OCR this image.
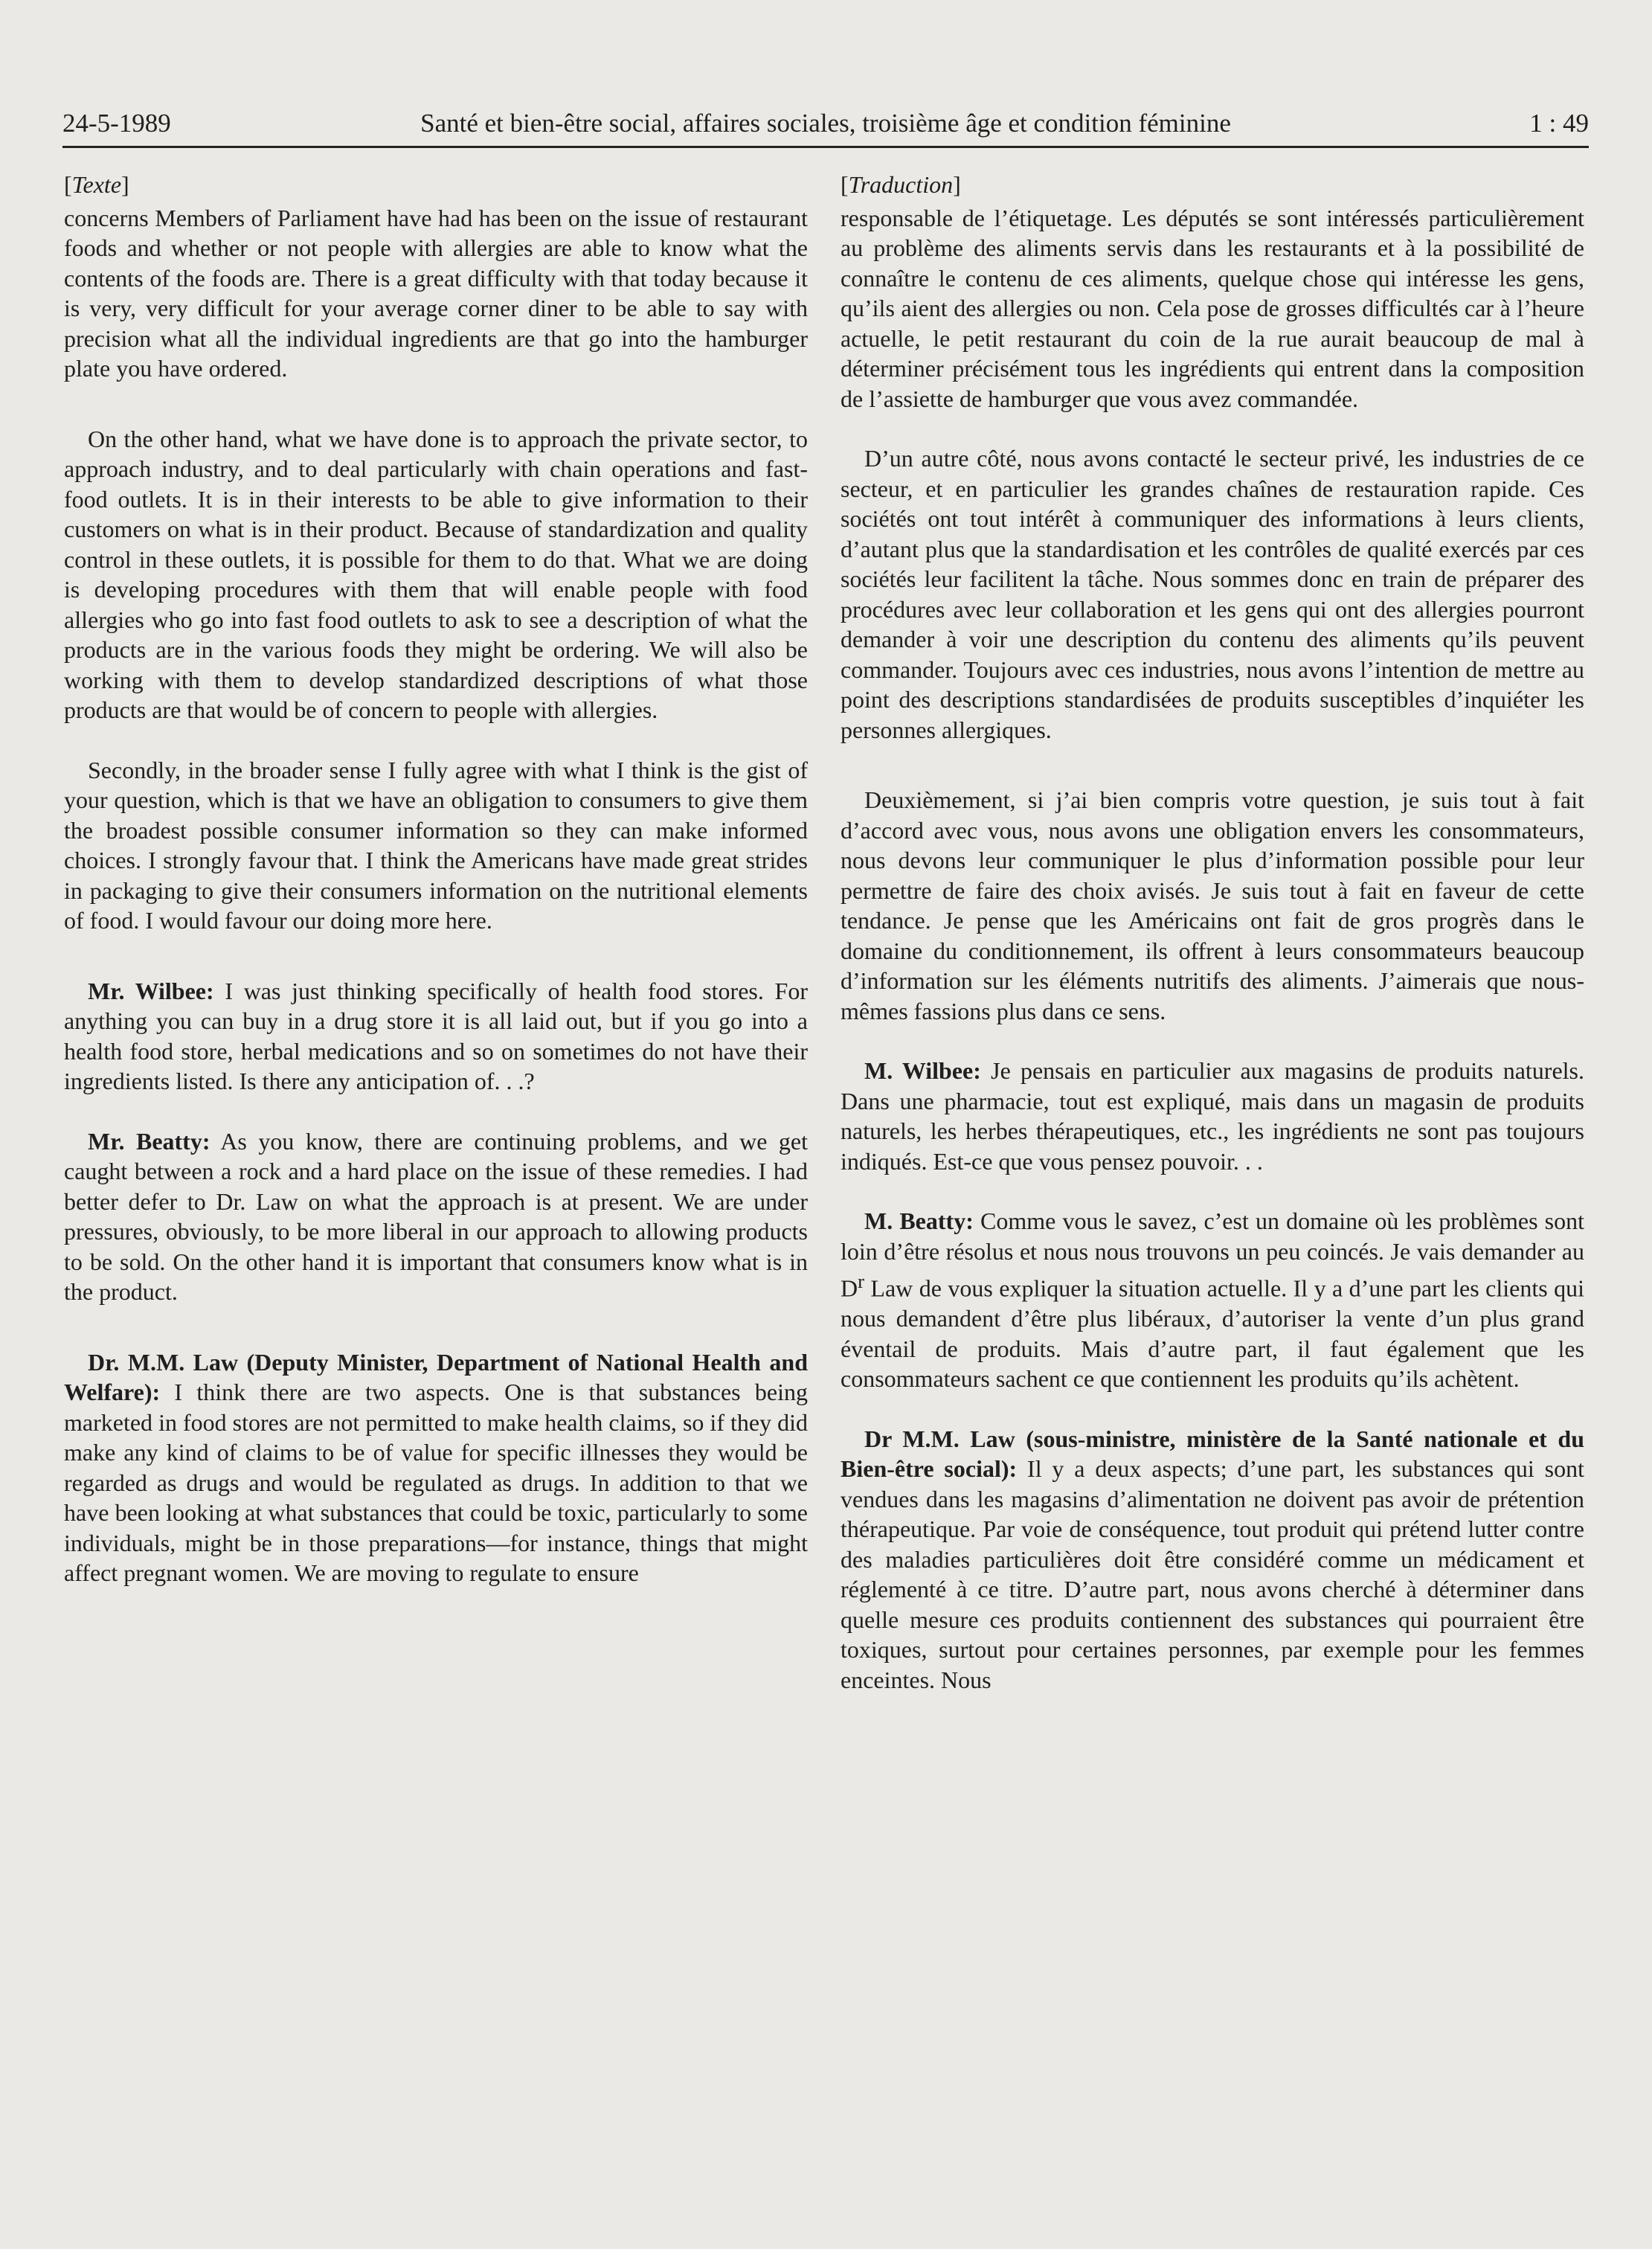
24-5-1989	Santé et bien-être social, affaires sociales, troisième âge et condition féminine	1 : 49
[Texte]

concerns Members of Parliament have had has been on the issue of restaurant foods and whether or not people with allergies are able to know what the contents of the foods are. There is a great difficulty with that today because it is very, very difficult for your average corner diner to be able to say with precision what all the individual ingredients are that go into the hamburger plate you have ordered.

On the other hand, what we have done is to approach the private sector, to approach industry, and to deal particularly with chain operations and fast-food outlets. It is in their interests to be able to give information to their customers on what is in their product. Because of standardization and quality control in these outlets, it is possible for them to do that. What we are doing is developing procedures with them that will enable people with food allergies who go into fast food outlets to ask to see a description of what the products are in the various foods they might be ordering. We will also be working with them to develop standardized descriptions of what those products are that would be of concern to people with allergies.

Secondly, in the broader sense I fully agree with what I think is the gist of your question, which is that we have an obligation to consumers to give them the broadest possible consumer information so they can make informed choices. I strongly favour that. I think the Americans have made great strides in packaging to give their consumers information on the nutritional elements of food. I would favour our doing more here.

Mr. Wilbee: I was just thinking specifically of health food stores. For anything you can buy in a drug store it is all laid out, but if you go into a health food store, herbal medications and so on sometimes do not have their ingredients listed. Is there any anticipation of. . .?

Mr. Beatty: As you know, there are continuing problems, and we get caught between a rock and a hard place on the issue of these remedies. I had better defer to Dr. Law on what the approach is at present. We are under pressures, obviously, to be more liberal in our approach to allowing products to be sold. On the other hand it is important that consumers know what is in the product.

Dr. M.M. Law (Deputy Minister, Department of National Health and Welfare): I think there are two aspects. One is that substances being marketed in food stores are not permitted to make health claims, so if they did make any kind of claims to be of value for specific illnesses they would be regarded as drugs and would be regulated as drugs. In addition to that we have been looking at what substances that could be toxic, particularly to some individuals, might be in those preparations—for instance, things that might affect pregnant women. We are moving to regulate to ensure

[Traduction]

responsable de l’étiquetage. Les députés se sont intéressés particulièrement au problème des aliments servis dans les restaurants et à la possibilité de connaître le contenu de ces aliments, quelque chose qui intéresse les gens, qu’ils aient des allergies ou non. Cela pose de grosses difficultés car à l’heure actuelle, le petit restaurant du coin de la rue aurait beaucoup de mal à déterminer précisément tous les ingrédients qui entrent dans la composition de l’assiette de hamburger que vous avez commandée.

D’un autre côté, nous avons contacté le secteur privé, les industries de ce secteur, et en particulier les grandes chaînes de restauration rapide. Ces sociétés ont tout intérêt à communiquer des informations à leurs clients, d’autant plus que la standardisation et les contrôles de qualité exercés par ces sociétés leur facilitent la tâche. Nous sommes donc en train de préparer des procédures avec leur collaboration et les gens qui ont des allergies pourront demander à voir une description du contenu des aliments qu’ils peuvent commander. Toujours avec ces industries, nous avons l’intention de mettre au point des descriptions standardisées de produits susceptibles d’inquiéter les personnes allergiques.

Deuxièmement, si j’ai bien compris votre question, je suis tout à fait d’accord avec vous, nous avons une obligation envers les consommateurs, nous devons leur communiquer le plus d’information possible pour leur permettre de faire des choix avisés. Je suis tout à fait en faveur de cette tendance. Je pense que les Américains ont fait de gros progrès dans le domaine du conditionnement, ils offrent à leurs consommateurs beaucoup d’information sur les éléments nutritifs des aliments. J’aimerais que nous-mêmes fassions plus dans ce sens.

M. Wilbee: Je pensais en particulier aux magasins de produits naturels. Dans une pharmacie, tout est expliqué, mais dans un magasin de produits naturels, les herbes thérapeutiques, etc., les ingrédients ne sont pas toujours indiqués. Est-ce que vous pensez pouvoir. . .

M. Beatty: Comme vous le savez, c’est un domaine où les problèmes sont loin d’être résolus et nous nous trouvons un peu coincés. Je vais demander au $D^r$ Law de vous expliquer la situation actuelle. Il y a d’une part les clients qui nous demandent d’être plus libéraux, d’autoriser la vente d’un plus grand éventail de produits. Mais d’autre part, il faut également que les consommateurs sachent ce que contiennent les produits qu’ils achètent.

Dr M.M. Law (sous-ministre, ministère de la Santé nationale et du Bien-être social): Il y a deux aspects; d’une part, les substances qui sont vendues dans les magasins d’alimentation ne doivent pas avoir de prétention thérapeutique. Par voie de conséquence, tout produit qui prétend lutter contre des maladies particulières doit être considéré comme un médicament et réglementé à ce titre. D’autre part, nous avons cherché à déterminer dans quelle mesure ces produits contiennent des substances qui pourraient être toxiques, surtout pour certaines personnes, par exemple pour les femmes enceintes. Nous
